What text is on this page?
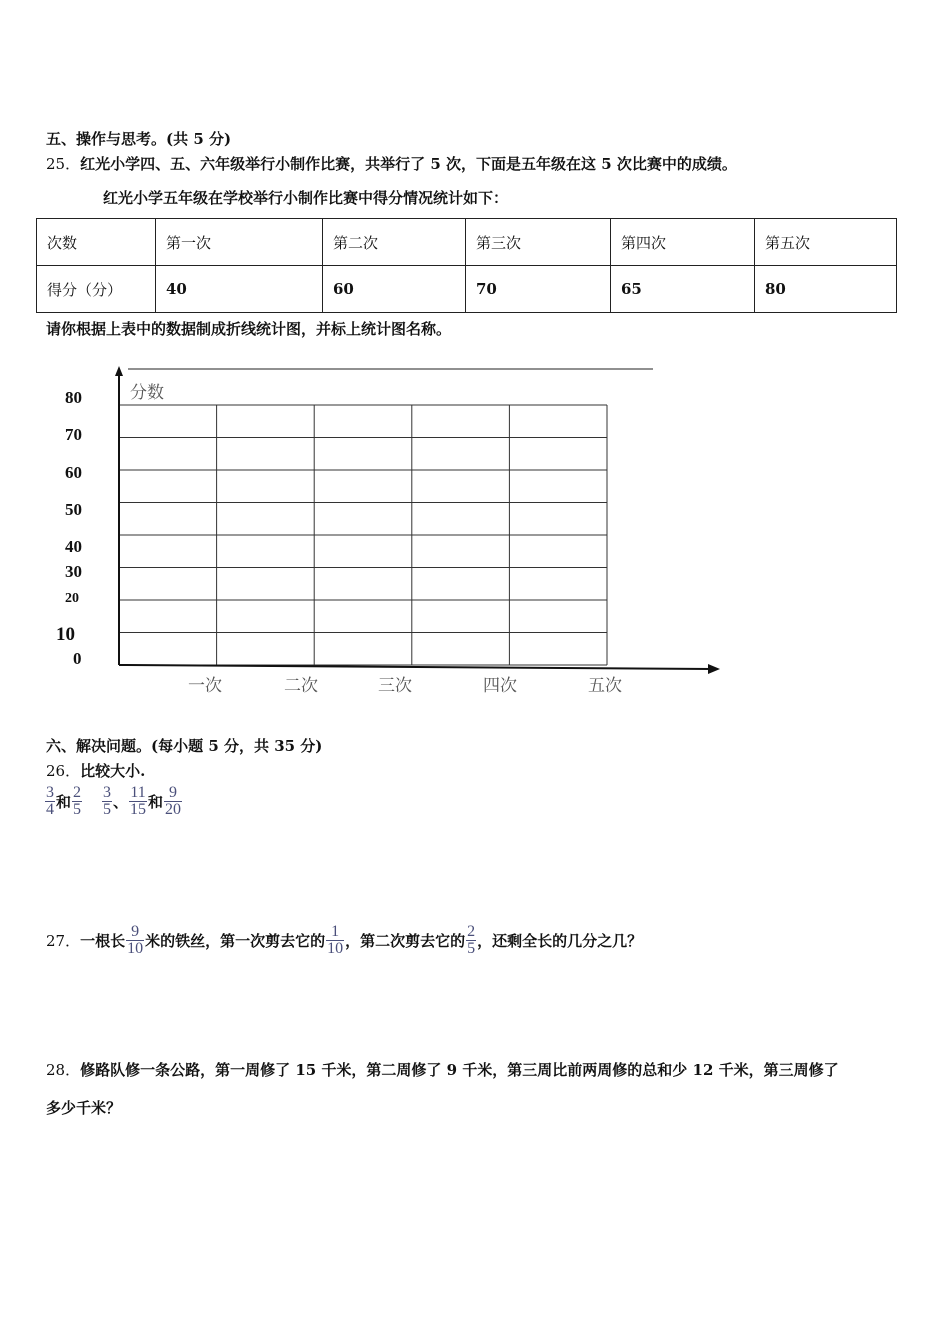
五、操作与思考。(共 5 分)
25．红光小学四、五、六年级举行小制作比赛，共举行了 5 次，下面是五年级在这 5 次比赛中的成绩。
红光小学五年级在学校举行小制作比赛中得分情况统计如下：
次数	第一次	第二次	第三次	第四次	第五次
得分（分）	40	60	70	65	80
请你根据上表中的数据制成折线统计图，并标上统计图名称。
分数
0
10
20
30
40
50
60
70
80
一次	二次	三次	四次	五次
六、解决问题。(每小题 5 分，共 35 分)
26．比较大小.
$\frac{3}{4}$ 和 $\frac{2}{5} \frac{3}{5}$ 、 $\frac{11}{15}$ 和 $\frac{9}{20}$
27． 一根长 $\frac{9}{10}$ 米的铁丝，第一次剪去它的 $\frac{1}{10}$ ，第二次剪去它的 $\frac{2}{5}$ ，还剩全长的几分之几？
28．修路队修一条公路，第一周修了 15 千米，第二周修了 9 千米，第三周比前两周修的总和少 12 千米，第三周修了
多少千米？
